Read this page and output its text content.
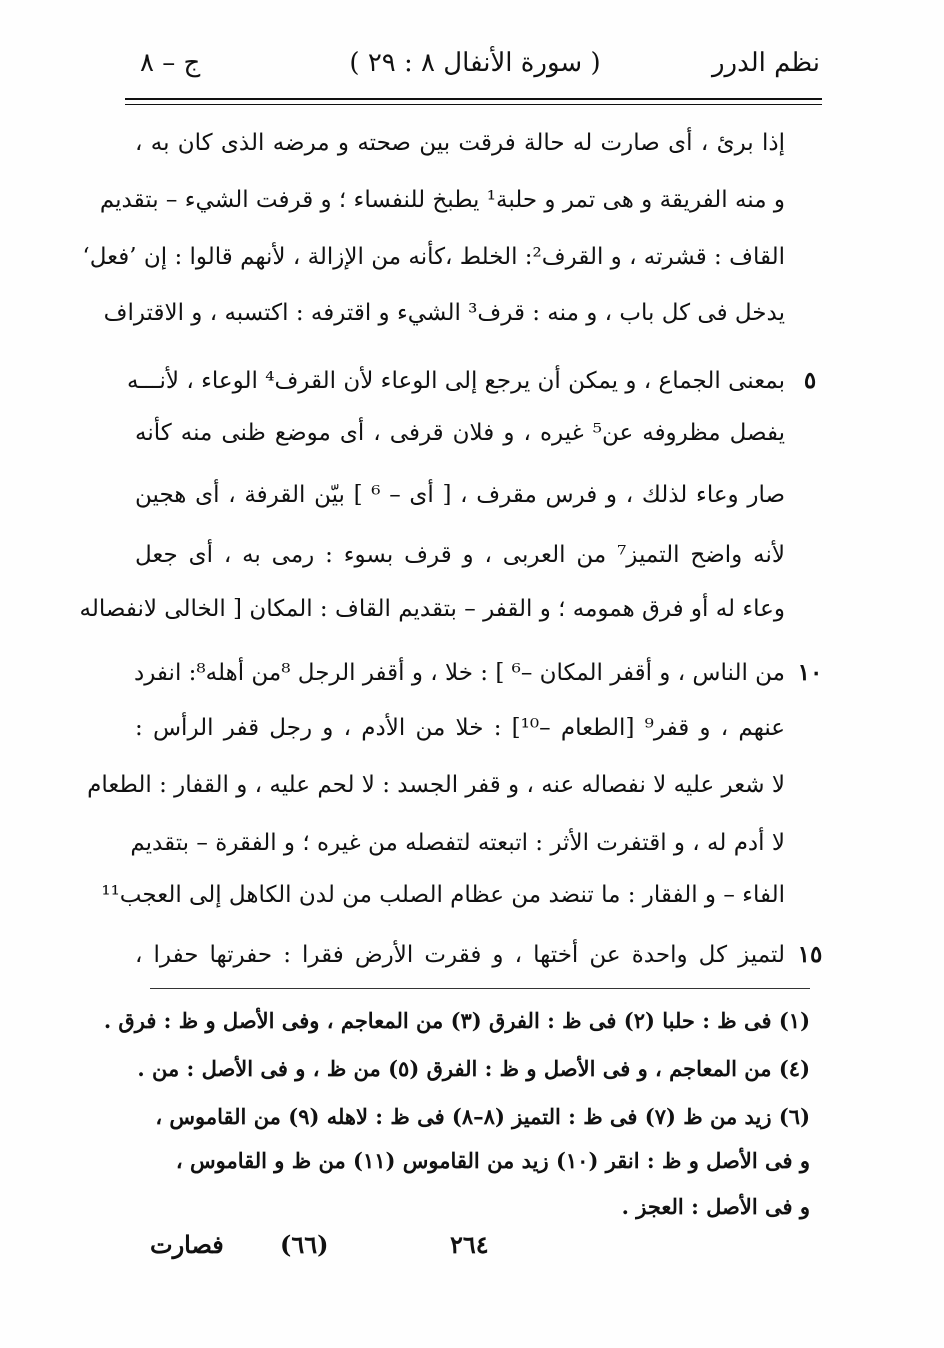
نظم الدرر
( سورة الأنفال ٨ : ٢٩ )
ج – ٨
إذا برئ ، أى صارت له حالة فرقت بين صحته و مرضه الذى كان به ،
و منه الفريقة و هى تمر و حلبة¹ يطبخ للنفساء ؛ و قرفت الشيء – بتقديم
القاف : قشرته ، و القرف²: الخلط ،كأنه من الإزالة ، لأنهم قالوا : إن ’فعل‘
يدخل فى كل باب ، و منه : قرف³ الشيء و اقترفه : اكتسبه ، و الاقتراف
٥
بمعنى الجماع ، و يمكن أن يرجع إلى الوعاء لأن القرف⁴ الوعاء ، لأنـــه
يفصل مظروفه عن⁵ غيره ، و فلان قرفى ، أى موضع ظنى منه كأنه
صار وعاء لذلك ، و فرس مقرف ، [ أى – ⁶ ] بيّن القرفة ، أى هجين
لأنه واضح التميز⁷ من العربى ، و قرف بسوء : رمى به ، أى جعل
وعاء له أو فرق همومه ؛ و القفر – بتقديم القاف : المكان [ الخالى لانفصاله
١٠
من الناس ، و أقفر المكان –⁶ ] : خلا ، و أقفر الرجل ⁸من أهله⁸: انفرد
عنهم ، و قفر⁹ [الطعام –¹⁰] : خلا من الأدم ، و رجل قفر الرأس :
لا شعر عليه لا نفصاله عنه ، و قفر الجسد : لا لحم عليه ، و القفار : الطعام
لا أدم له ، و اقتفرت الأثر : اتبعته لتفصله من غيره ؛ و الفقرة – بتقديم
الفاء – و الفقار : ما تنضد من عظام الصلب من لدن الكاهل إلى العجب¹¹
١٥
لتميز كل واحدة عن أختها ، و فقرت الأرض فقرا : حفرتها حفرا ،
(١) فى ظ : حلبا (٢) فى ظ : الفرق (٣) من المعاجم ، وفى الأصل و ظ : فرق .
(٤) من المعاجم ، و فى الأصل و ظ : الفرق (٥) من ظ ، و فى الأصل : من .
(٦) زيد من ظ (٧) فى ظ : التميز (٨–٨) فى ظ : لاهله (٩) من القاموس ،
و فى الأصل و ظ : انقر (١٠) زيد من القاموس (١١) من ظ و القاموس ،
و فى الأصل : العجز .
فصارت (٦٦)	٢٦٤
